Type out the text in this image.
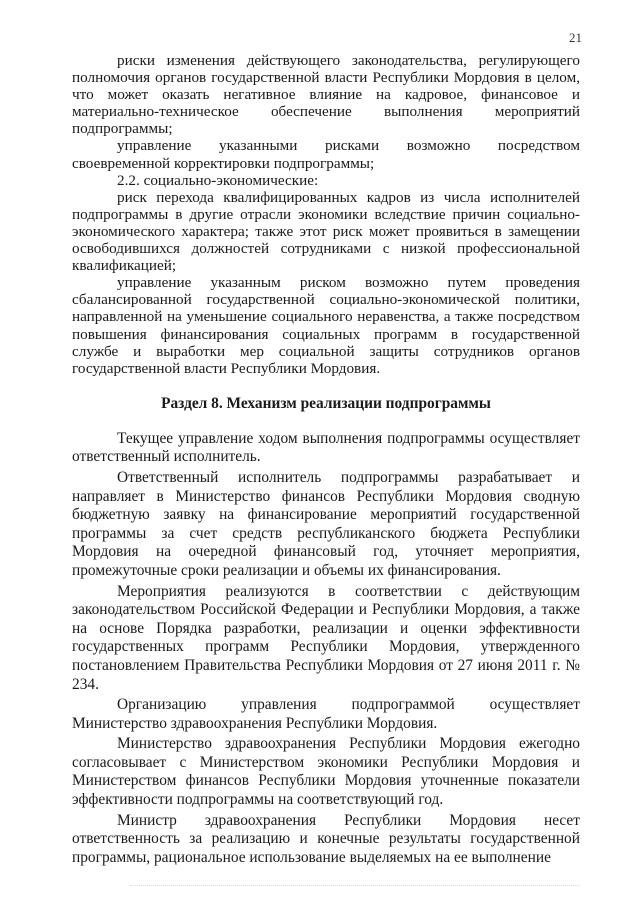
21

риски изменения действующего законодательства, регулирующего полномочия органов государственной власти Республики Мордовия в целом, что может оказать негативное влияние на кадровое, финансовое и материально-техническое обеспечение выполнения мероприятий подпрограммы;

управление указанными рисками возможно посредством своевременной корректировки подпрограммы;

2.2. социально-экономические:

риск перехода квалифицированных кадров из числа исполнителей подпрограммы в другие отрасли экономики вследствие причин социально-экономического характера; также этот риск может проявиться в замещении освободившихся должностей сотрудниками с низкой профессиональной квалификацией;

управление указанным риском возможно путем проведения сбалансированной государственной социально-экономической политики, направленной на уменьшение социального неравенства, а также посредством повышения финансирования социальных программ в государственной службе и выработки мер социальной защиты сотрудников органов государственной власти Республики Мордовия.

Раздел 8. Механизм реализации подпрограммы

Текущее управление ходом выполнения подпрограммы осуществляет ответственный исполнитель.

Ответственный исполнитель подпрограммы разрабатывает и направляет в Министерство финансов Республики Мордовия сводную бюджетную заявку на финансирование мероприятий государственной программы за счет средств республиканского бюджета Республики Мордовия на очередной финансовый год, уточняет мероприятия, промежуточные сроки реализации и объемы их финансирования.

Мероприятия реализуются в соответствии с действующим законодательством Российской Федерации и Республики Мордовия, а также на основе Порядка разработки, реализации и оценки эффективности государственных программ Республики Мордовия, утвержденного постановлением Правительства Республики Мордовия от 27 июня 2011 г. № 234.

Организацию управления подпрограммой осуществляет Министерство здравоохранения Республики Мордовия.

Министерство здравоохранения Республики Мордовия ежегодно согласовывает с Министерством экономики Республики Мордовия и Министерством финансов Республики Мордовия уточненные показатели эффективности подпрограммы на соответствующий год.

Министр здравоохранения Республики Мордовия несет ответственность за реализацию и конечные результаты государственной программы, рациональное использование выделяемых на ее выполнение
